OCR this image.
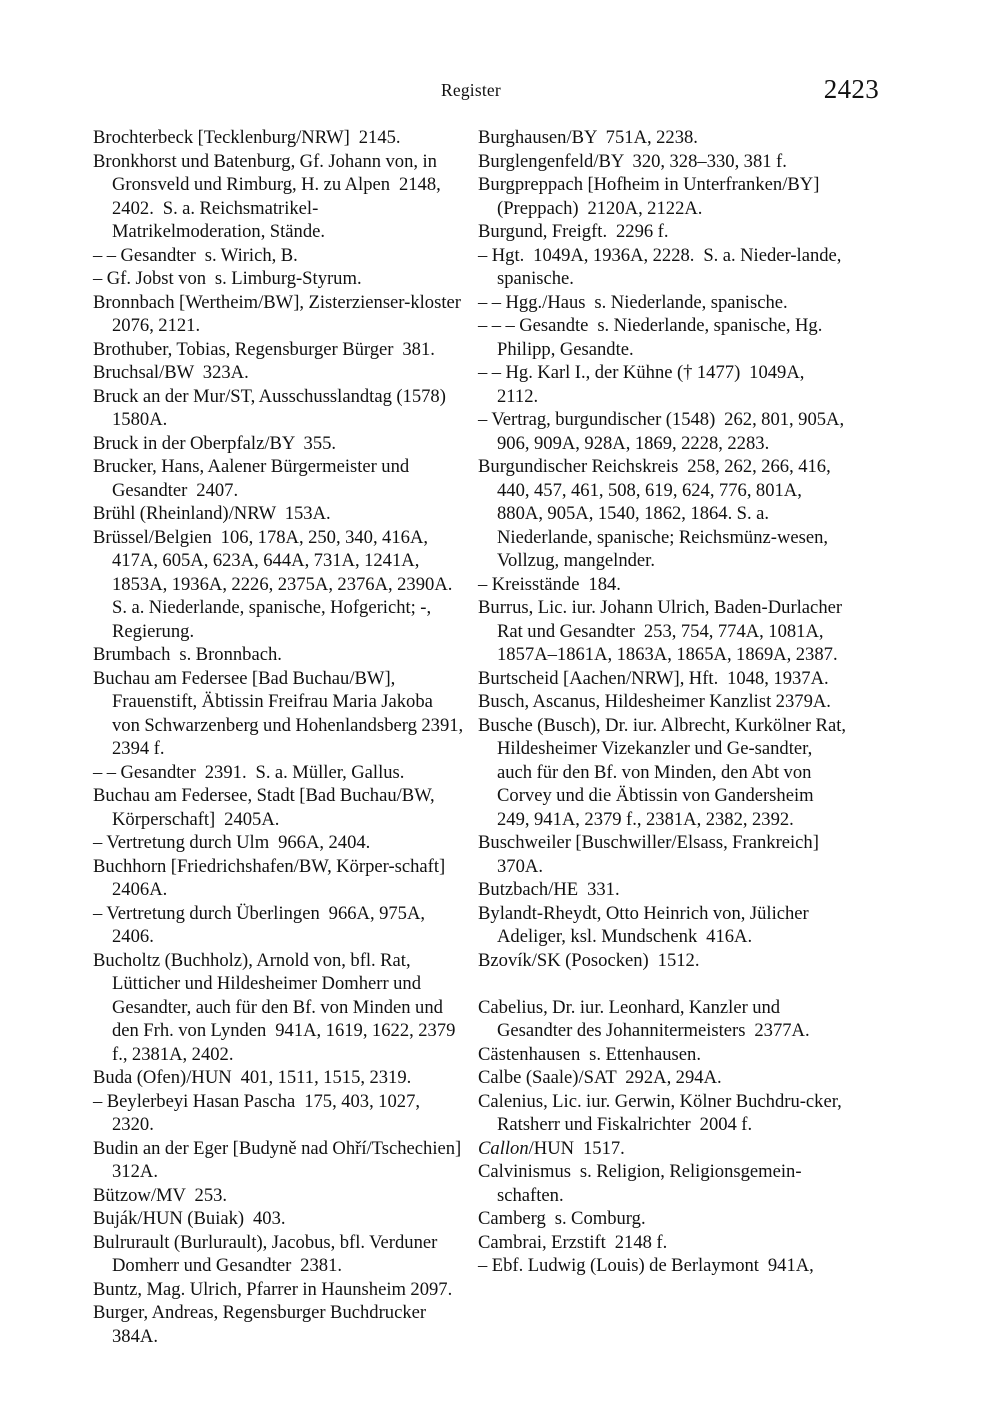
Register	2423

Brochterbeck [Tecklenburg/NRW]  2145.

Bronkhorst und Batenburg, Gf. Johann von, in Gronsveld und Rimburg, H. zu Alpen  2148, 2402.  S. a. Reichsmatrikel-Matrikelmoderation, Stände.

– – Gesandter  s. Wirich, B.

– Gf. Jobst von  s. Limburg-Styrum.

Bronnbach [Wertheim/BW], Zisterzienser-kloster  2076, 2121.

Brothuber, Tobias, Regensburger Bürger  381.

Bruchsal/BW  323A.

Bruck an der Mur/ST, Ausschusslandtag (1578)  1580A.

Bruck in der Oberpfalz/BY  355.

Brucker, Hans, Aalener Bürgermeister und Gesandter  2407.

Brühl (Rheinland)/NRW  153A.

Brüssel/Belgien  106, 178A, 250, 340, 416A, 417A, 605A, 623A, 644A, 731A, 1241A, 1853A, 1936A, 2226, 2375A, 2376A, 2390A.  S. a. Niederlande, spanische, Hofgericht; -, Regierung.

Brumbach  s. Bronnbach.

Buchau am Federsee [Bad Buchau/BW], Frauenstift, Äbtissin Freifrau Maria Jakoba von Schwarzenberg und Hohenlandsberg 2391, 2394 f.

– – Gesandter  2391.  S. a. Müller, Gallus.

Buchau am Federsee, Stadt [Bad Buchau/BW, Körperschaft]  2405A.

– Vertretung durch Ulm  966A, 2404.

Buchhorn [Friedrichshafen/BW, Körper-schaft]  2406A.

– Vertretung durch Überlingen  966A, 975A, 2406.

Bucholtz (Buchholz), Arnold von, bfl. Rat, Lütticher und Hildesheimer Domherr und Gesandter, auch für den Bf. von Minden und den Frh. von Lynden  941A, 1619, 1622, 2379 f., 2381A, 2402.

Buda (Ofen)/HUN  401, 1511, 1515, 2319.

– Beylerbeyi Hasan Pascha  175, 403, 1027, 2320.

Budin an der Eger [Budyně nad Ohří/Tschechien]  312A.

Bützow/MV  253.

Buják/HUN (Buiak)  403.

Bulrurault (Burlurault), Jacobus, bfl. Verduner Domherr und Gesandter  2381.

Buntz, Mag. Ulrich, Pfarrer in Haunsheim 2097.

Burger, Andreas, Regensburger Buchdrucker 384A.

Burghausen/BY  751A, 2238.

Burglengenfeld/BY  320, 328–330, 381 f.

Burgpreppach [Hofheim in Unterfranken/BY] (Preppach)  2120A, 2122A.

Burgund, Freigft.  2296 f.

– Hgt.  1049A, 1936A, 2228.  S. a. Nieder-lande, spanische.

– – Hgg./Haus  s. Niederlande, spanische.

– – – Gesandte  s. Niederlande, spanische, Hg. Philipp, Gesandte.

– – Hg. Karl I., der Kühne († 1477)  1049A, 2112.

– Vertrag, burgundischer (1548)  262, 801, 905A, 906, 909A, 928A, 1869, 2228, 2283.

Burgundischer Reichskreis  258, 262, 266, 416, 440, 457, 461, 508, 619, 624, 776, 801A, 880A, 905A, 1540, 1862, 1864. S. a. Niederlande, spanische; Reichsmünz-wesen, Vollzug, mangelnder.

– Kreisstände  184.

Burrus, Lic. iur. Johann Ulrich, Baden-Durlacher Rat und Gesandter  253, 754, 774A, 1081A, 1857A–1861A, 1863A, 1865A, 1869A, 2387.

Burtscheid [Aachen/NRW], Hft.  1048, 1937A.

Busch, Ascanus, Hildesheimer Kanzlist 2379A.

Busche (Busch), Dr. iur. Albrecht, Kurkölner Rat, Hildesheimer Vizekanzler und Ge-sandter, auch für den Bf. von Minden, den Abt von Corvey und die Äbtissin von Gandersheim  249, 941A, 2379 f., 2381A, 2382, 2392.

Buschweiler [Buschwiller/Elsass, Frankreich] 370A.

Butzbach/HE  331.

Bylandt-Rheydt, Otto Heinrich von, Jülicher Adeliger, ksl. Mundschenk  416A.

Bzovík/SK (Posocken)  1512.

Cabelius, Dr. iur. Leonhard, Kanzler und Gesandter des Johannitermeisters  2377A.

Cästenhausen  s. Ettenhausen.

Calbe (Saale)/SAT  292A, 294A.

Calenius, Lic. iur. Gerwin, Kölner Buchdru-cker, Ratsherr und Fiskalrichter  2004 f.

Callon/HUN  1517.

Calvinismus  s. Religion, Religionsgemein-schaften.

Camberg  s. Comburg.

Cambrai, Erzstift  2148 f.

– Ebf. Ludwig (Louis) de Berlaymont  941A,
